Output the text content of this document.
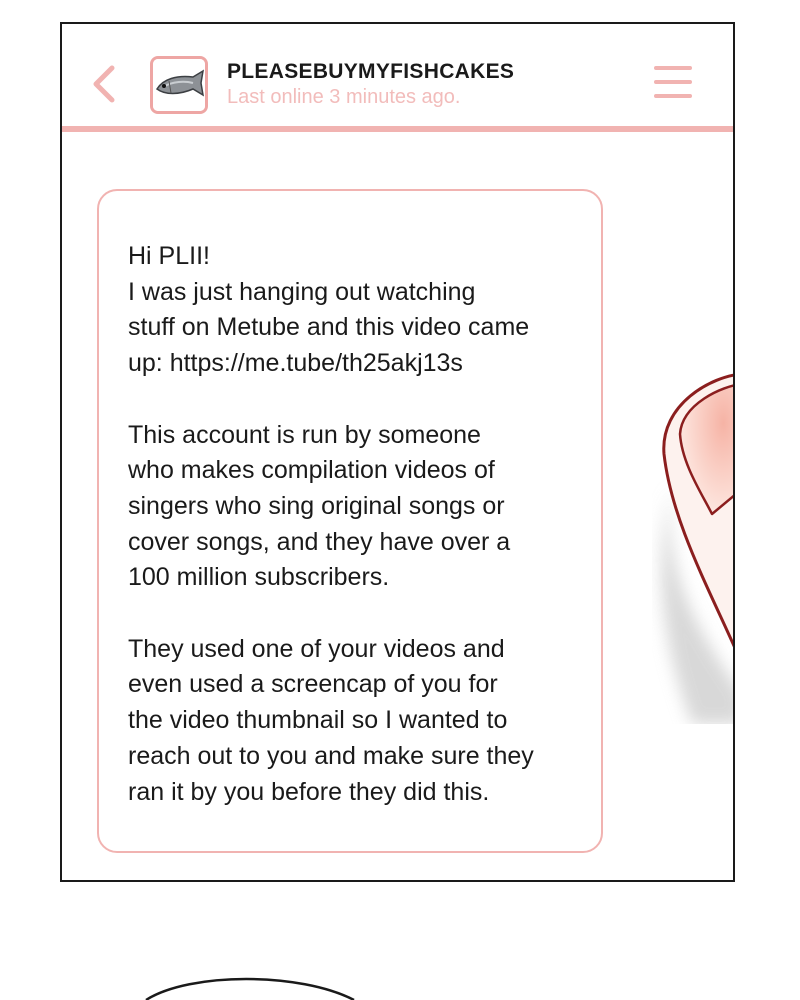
PLEASEBUYMYFISHCAKES
Last online 3 minutes ago.

Hi PLII!
I was just hanging out watching
stuff on Metube and this video came
up: https://me.tube/th25akj13s

This account is run by someone
who makes compilation videos of
singers who sing original songs or
cover songs, and they have over a
100 million subscribers.

They used one of your videos and
even used a screencap of you for
the video thumbnail so I wanted to
reach out to you and make sure they
ran it by you before they did this.
